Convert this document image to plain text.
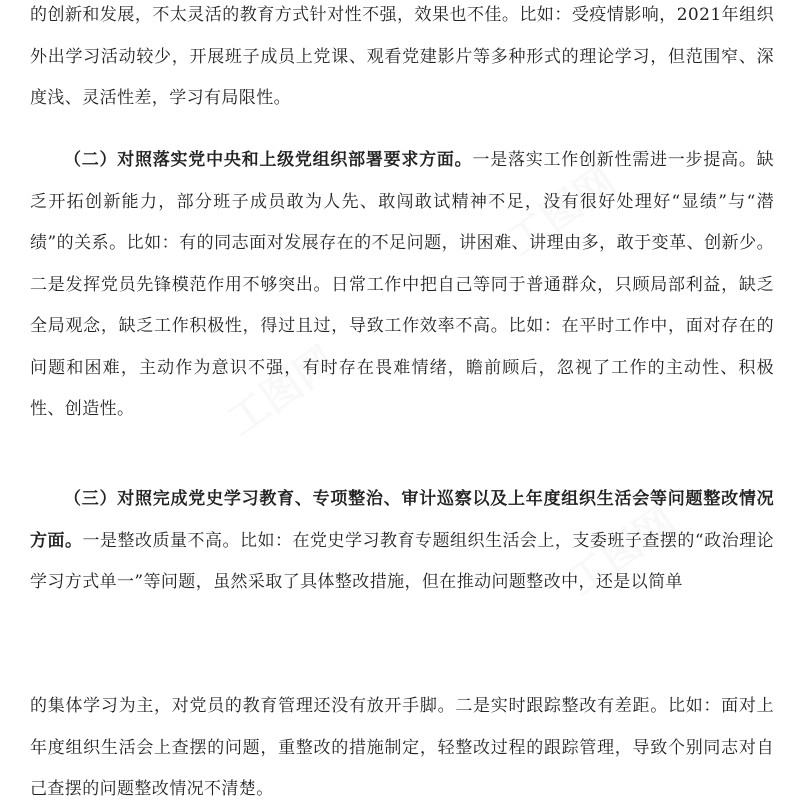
工图网
工图网
工图网

的创新和发展，不太灵活的教育方式针对性不强，效果也不佳。比如：受疫情影响，2021年组织外出学习活动较少，开展班子成员上党课、观看党建影片等多种形式的理论学习，但范围窄、深度浅、灵活性差，学习有局限性。

（二）对照落实党中央和上级党组织部署要求方面。一是落实工作创新性需进一步提高。缺乏开拓创新能力，部分班子成员敢为人先、敢闯敢试精神不足，没有很好处理好“显绩”与“潜绩”的关系。比如：有的同志面对发展存在的不足问题，讲困难、讲理由多，敢于变革、创新少。二是发挥党员先锋模范作用不够突出。日常工作中把自己等同于普通群众，只顾局部利益，缺乏全局观念，缺乏工作积极性，得过且过，导致工作效率不高。比如：在平时工作中，面对存在的问题和困难，主动作为意识不强，有时存在畏难情绪，瞻前顾后，忽视了工作的主动性、积极性、创造性。

（三）对照完成党史学习教育、专项整治、审计巡察以及上年度组织生活会等问题整改情况方面。一是整改质量不高。比如：在党史学习教育专题组织生活会上，支委班子查摆的“政治理论学习方式单一”等问题，虽然采取了具体整改措施，但在推动问题整改中，还是以简单

的集体学习为主，对党员的教育管理还没有放开手脚。二是实时跟踪整改有差距。比如：面对上年度组织生活会上查摆的问题，重整改的措施制定，轻整改过程的跟踪管理，导致个别同志对自己查摆的问题整改情况不清楚。
